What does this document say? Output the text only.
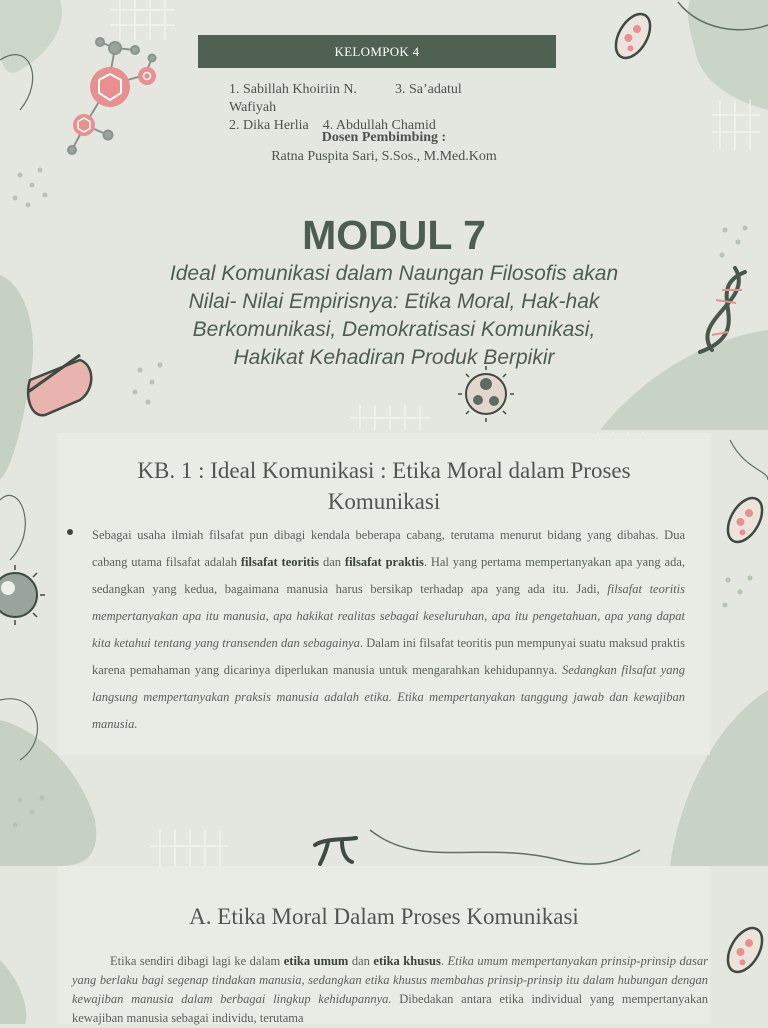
KELOMPOK 4
1. Sabillah Khoiriin N.	3. Sa’adatul
Wafiyah
2. Dika Herlia 4. Abdullah Chamid
Dosen Pembimbing :
Ratna Puspita Sari, S.Sos., M.Med.Kom
MODUL 7
Ideal Komunikasi dalam Naungan Filosofis akan
Nilai- Nilai Empirisnya: Etika Moral, Hak-hak
Berkomunikasi, Demokratisasi Komunikasi,
Hakikat Kehadiran Produk Berpikir
KB. 1 : Ideal Komunikasi : Etika Moral dalam Proses
Komunikasi
Sebagai usaha ilmiah filsafat pun dibagi kendala beberapa cabang, terutama menurut bidang yang dibahas. Dua cabang utama filsafat adalah filsafat teoritis dan filsafat praktis. Hal yang pertama mempertanyakan apa yang ada, sedangkan yang kedua, bagaimana manusia harus bersikap terhadap apa yang ada itu. Jadi, filsafat teoritis mempertanyakan apa itu manusia, apa hakikat realitas sebagai keseluruhan, apa itu pengetahuan, apa yang dapat kita ketahui tentang yang transenden dan sebagainya. Dalam ini filsafat teoritis pun mempunyai suatu maksud praktis karena pemahaman yang dicarinya diperlukan manusia untuk mengarahkan kehidupannya. Sedangkan filsafat yang langsung mempertanyakan praksis manusia adalah etika. Etika mempertanyakan tanggung jawab dan kewajiban manusia.
A. Etika Moral Dalam Proses Komunikasi
Etika sendiri dibagi lagi ke dalam etika umum dan etika khusus. Etika umum mempertanyakan prinsip-prinsip dasar yang berlaku bagi segenap tindakan manusia, sedangkan etika khusus membahas prinsip-prinsip itu dalam hubungan dengan kewajiban manusia dalam berbagai lingkup kehidupannya. Dibedakan antara etika individual yang mempertanyakan kewajiban manusia sebagai individu, terutama
